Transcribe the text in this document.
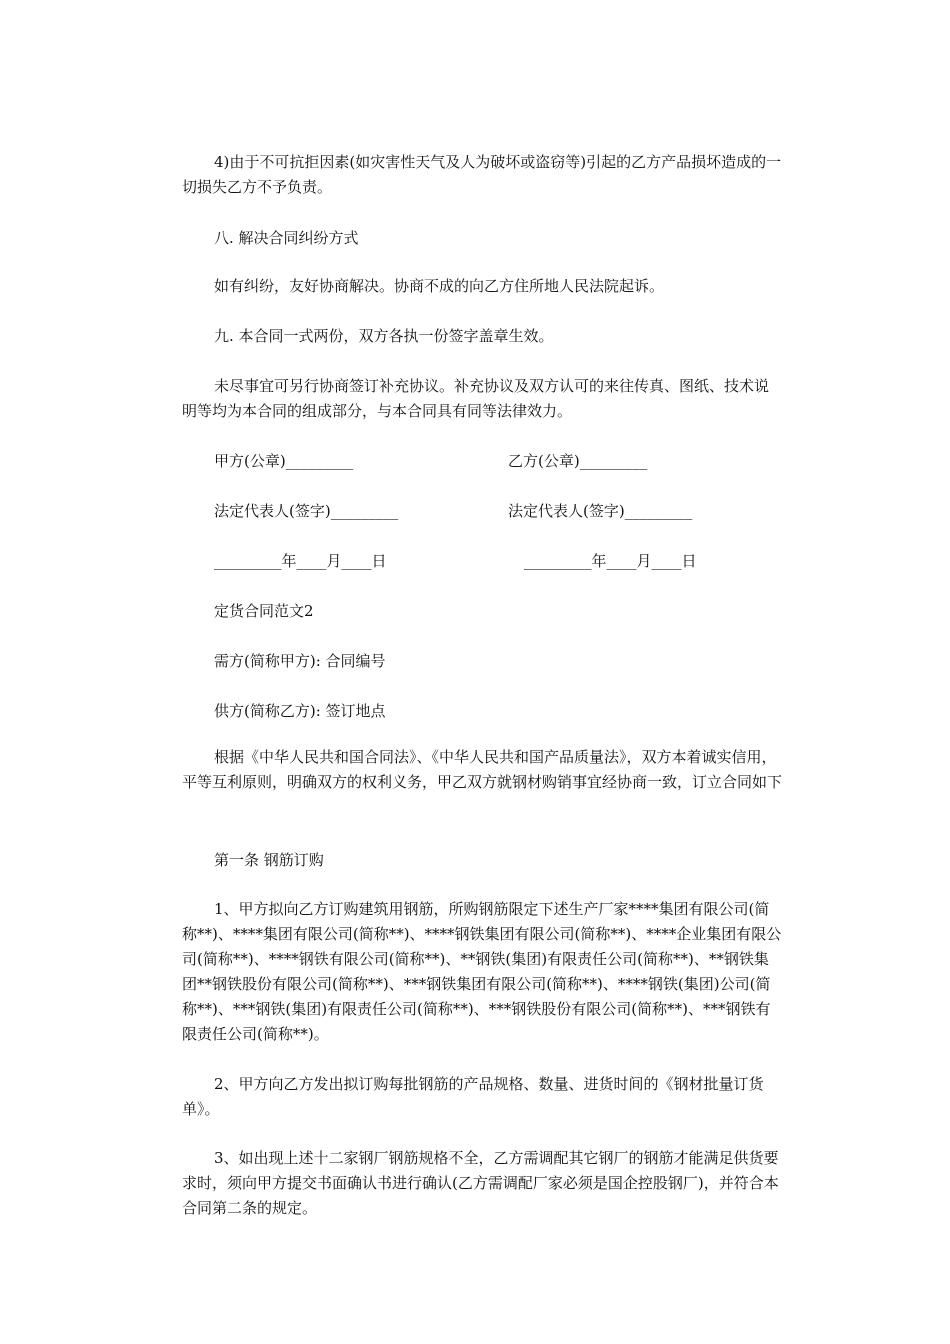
4)由于不可抗拒因素(如灾害性天气及人为破坏或盗窃等)引起的乙方产品损坏造成的一切损失乙方不予负责。
八. 解决合同纠纷方式
如有纠纷，友好协商解决。协商不成的向乙方住所地人民法院起诉。
九. 本合同一式两份，双方各执一份签字盖章生效。
未尽事宜可另行协商签订补充协议。补充协议及双方认可的来往传真、图纸、技术说明等均为本合同的组成部分，与本合同具有同等法律效力。
甲方(公章)_________	乙方(公章)_________
法定代表人(签字)_________	法定代表人(签字)_________
_________年____月____日	_________年____月____日
定货合同范文2
需方(简称甲方): 合同编号
供方(简称乙方): 签订地点
根据《中华人民共和国合同法》、《中华人民共和国产品质量法》，双方本着诚实信用，平等互利原则，明确双方的权利义务，甲乙双方就钢材购销事宜经协商一致，订立合同如下
第一条 钢筋订购
1、甲方拟向乙方订购建筑用钢筋，所购钢筋限定下述生产厂家****集团有限公司(简称**)、****集团有限公司(简称**)、****钢铁集团有限公司(简称**)、****企业集团有限公司(简称**)、****钢铁有限公司(简称**)、**钢铁(集团)有限责任公司(简称**)、**钢铁集团**钢铁股份有限公司(简称**)、***钢铁集团有限公司(简称**)、****钢铁(集团)公司(简称**)、***钢铁(集团)有限责任公司(简称**)、***钢铁股份有限公司(简称**)、***钢铁有限责任公司(简称**)。
2、甲方向乙方发出拟订购每批钢筋的产品规格、数量、进货时间的《钢材批量订货单》。
3、如出现上述十二家钢厂钢筋规格不全，乙方需调配其它钢厂的钢筋才能满足供货要求时，须向甲方提交书面确认书进行确认(乙方需调配厂家必须是国企控股钢厂)，并符合本合同第二条的规定。
